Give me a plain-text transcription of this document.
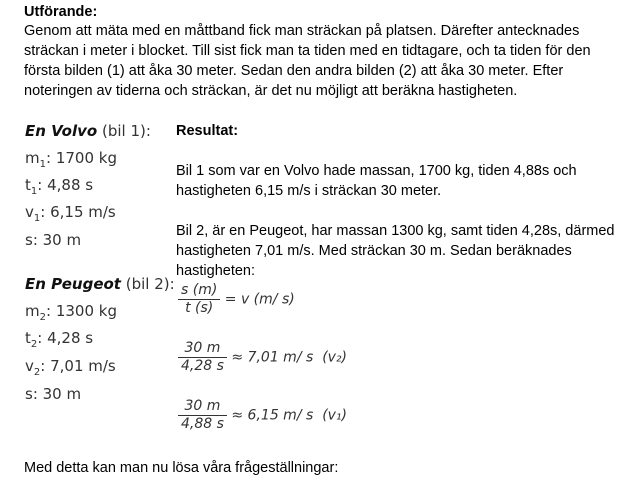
Utförande:
Genom att mäta med en måttband fick man sträckan på platsen. Därefter antecknades
sträckan i meter i blocket. Till sist fick man ta tiden med en tidtagare, och ta tiden för den
första bilden (1) att åka 30 meter. Sedan den andra bilden (2) att åka 30 meter. Efter
noteringen av tiderna och sträckan, är det nu möjligt att beräkna hastigheten.
En Volvo (bil 1):
$m_1$: 1700 kg
$t_1$: 4,88 s
$v_1$: 6,15 m/s
s: 30 m
En Peugeot (bil 2):
$m_2$: 1300 kg
$t_2$: 4,28 s
$v_2$: 7,01 m/s
s: 30 m
Resultat:
Bil 1 som var en Volvo hade massan, 1700 kg, tiden 4,88s och
hastigheten 6,15 m/s i sträckan 30 meter.
Bil 2, är en Peugeot, har massan 1300 kg, samt tiden 4,28s, därmed
hastigheten 7,01 m/s. Med sträckan 30 m. Sedan beräknades
hastigheten:
$\frac{s (m)}{t (s)} = v$ (m/ s)
$\frac{30 m}{4,28 s} \approx 7,01$ m/ s (v₂)
$\frac{30 m}{4,88 s} \approx 6,15$ m/ s (v₁)
Med detta kan man nu lösa våra frågeställningar:
